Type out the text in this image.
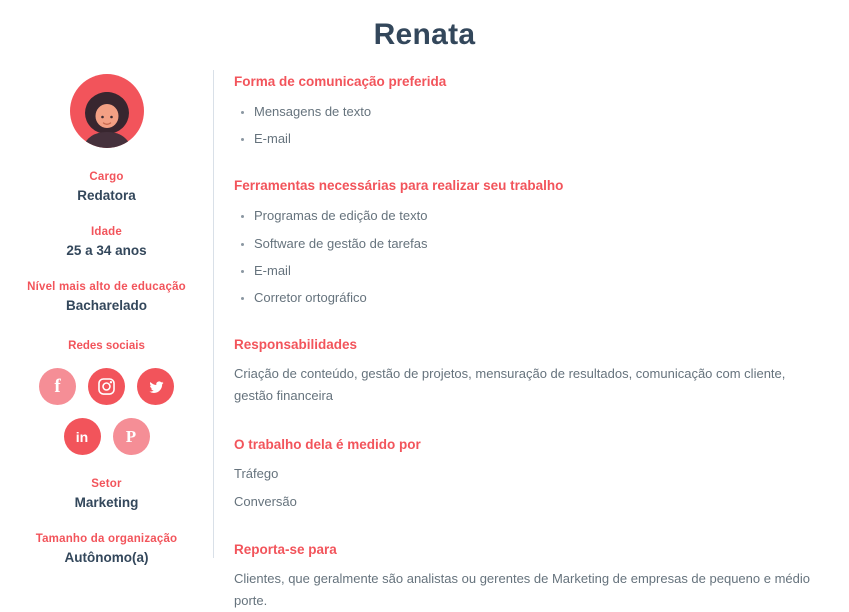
Renata
Cargo
Redatora
Idade
25 a 34 anos
Nível mais alto de educação
Bacharelado
Redes sociais
f
in P
Setor
Marketing
Tamanho da organização
Autônomo(a)
Forma de comunicação preferida
• Mensagens de texto
• E-mail
Ferramentas necessárias para realizar seu trabalho
• Programas de edição de texto
• Software de gestão de tarefas
• E-mail
• Corretor ortográfico
Responsabilidades

Criação de conteúdo, gestão de projetos, mensuração de resultados, comunicação com cliente, gestão financeira

O trabalho dela é medido por
Tráfego
Conversão
Reporta-se para

Clientes, que geralmente são analistas ou gerentes de Marketing de empresas de pequeno e médio porte.
